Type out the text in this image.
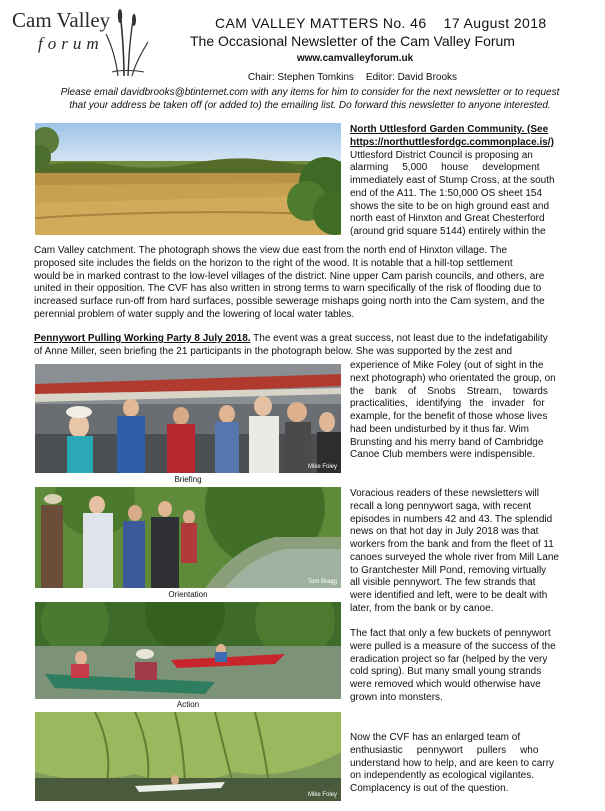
Cam Valley
forum
CAM VALLEY MATTERS No. 46    17 August 2018
The Occasional Newsletter of the Cam Valley Forum
www.camvalleyforum.uk
Chair: Stephen Tomkins Editor: David Brooks
Please email davidbrooks@btinternet.com with any items for him to consider for the next newsletter or to request
that your address be taken off (or added to) the emailing list. Do forward this newsletter to anyone interested.
North Uttlesford Garden Community. (See https://northuttlesfordgc.commonplace.is/)
Uttlesford District Council is proposing an
alarming     5,000     house     development
immediately east of Stump Cross, at the south
end of the A11. The 1:50,000 OS sheet 154
shows the site to be on high ground east and
north east of Hinxton and Great Chesterford
(around grid square 5144) entirely within the
Cam Valley catchment. The photograph shows the view due east from the north end of Hinxton village. The
proposed site includes the fields on the horizon to the right of the wood. It is notable that a hill-top settlement
would be in marked contrast to the low-level villages of the district. Nine upper Cam parish councils, and others, are
united in their opposition. The CVF has also written in strong terms to warn specifically of the risk of flooding due to
increased surface run-off from hard surfaces, possible sewerage mishaps going north into the Cam system, and the
perennial problem of water supply and the lowering of local water tables.
Pennywort Pulling Working Party 8 July 2018. The event was a great success, not least due to the indefatigability
of Anne Miller, seen briefing the 21 participants in the photograph below. She was supported by the zest and
Mike Foley
Briefing
experience of Mike Foley (out of sight in the
next photograph) who orientated the group, on
the    bank    of    Snobs    Stream,    towards
practicalities,   identifying   the   invader   for
example, for the benefit of those whose lives
had been undisturbed by it thus far. Wim
Brunsting and his merry band of Cambridge
Canoe Club members were indispensible.
Tom Bragg
Orientation
Voracious readers of these newsletters will
recall a long pennywort saga, with recent
episodes in numbers 42 and 43. The splendid
news on that hot day in July 2018 was that
workers from the bank and from the fleet of 11
canoes surveyed the whole river from Mill Lane
to Grantchester Mill Pond, removing virtually
all visible pennywort. The few strands that
were identified and left, were to be dealt with
later, from the bank or by canoe.
Action
The fact that only a few buckets of pennywort
were pulled is a measure of the success of the
eradication project so far (helped by the very
cold spring). But many small young strands
were removed which would otherwise have
grown into monsters.
Mike Foley
Now the CVF has an enlarged team of
enthusiastic     pennywort     pullers     who
understand how to help, and are keen to carry
on independently as ecological vigilantes.
Complacency is out of the question.
